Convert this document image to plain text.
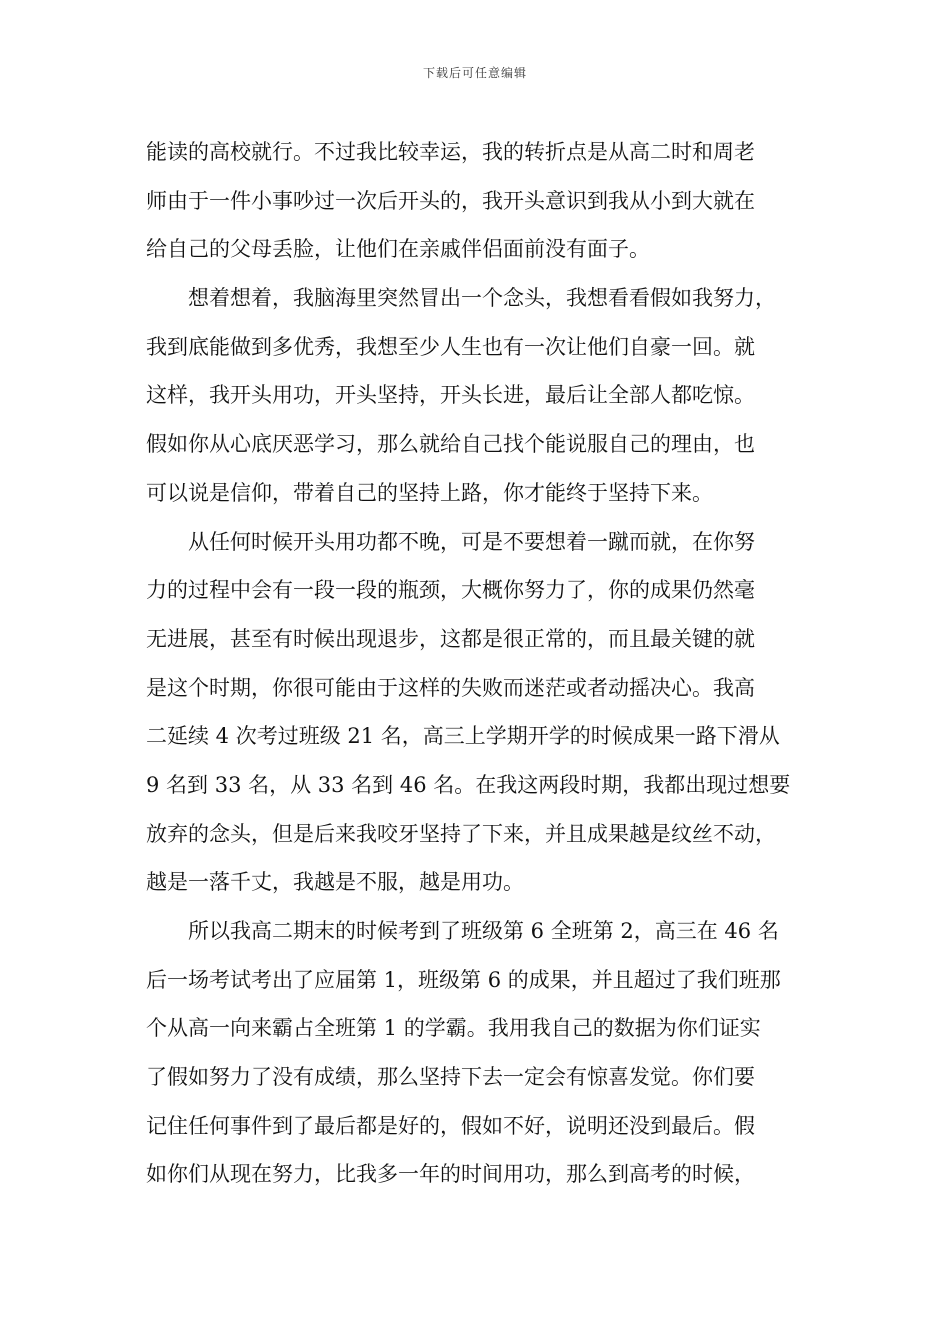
下载后可任意编辑
能读的高校就行。不过我比较幸运，我的转折点是从高二时和周老
师由于一件小事吵过一次后开头的，我开头意识到我从小到大就在
给自己的父母丢脸，让他们在亲戚伴侣面前没有面子。
想着想着，我脑海里突然冒出一个念头，我想看看假如我努力，
我到底能做到多优秀，我想至少人生也有一次让他们自豪一回。就
这样，我开头用功，开头坚持，开头长进，最后让全部人都吃惊。
假如你从心底厌恶学习，那么就给自己找个能说服自己的理由，也
可以说是信仰，带着自己的坚持上路，你才能终于坚持下来。
从任何时候开头用功都不晚，可是不要想着一蹴而就，在你努
力的过程中会有一段一段的瓶颈，大概你努力了，你的成果仍然毫
无进展，甚至有时候出现退步，这都是很正常的，而且最关键的就
是这个时期，你很可能由于这样的失败而迷茫或者动摇决心。我高
二延续 4 次考过班级 21 名，高三上学期开学的时候成果一路下滑从
9 名到 33 名，从 33 名到 46 名。在我这两段时期，我都出现过想要
放弃的念头，但是后来我咬牙坚持了下来，并且成果越是纹丝不动，
越是一落千丈，我越是不服，越是用功。
所以我高二期末的时候考到了班级第 6 全班第 2，高三在 46 名
后一场考试考出了应届第 1，班级第 6 的成果，并且超过了我们班那
个从高一向来霸占全班第 1 的学霸。我用我自己的数据为你们证实
了假如努力了没有成绩，那么坚持下去一定会有惊喜发觉。你们要
记住任何事件到了最后都是好的，假如不好，说明还没到最后。假
如你们从现在努力，比我多一年的时间用功，那么到高考的时候，
